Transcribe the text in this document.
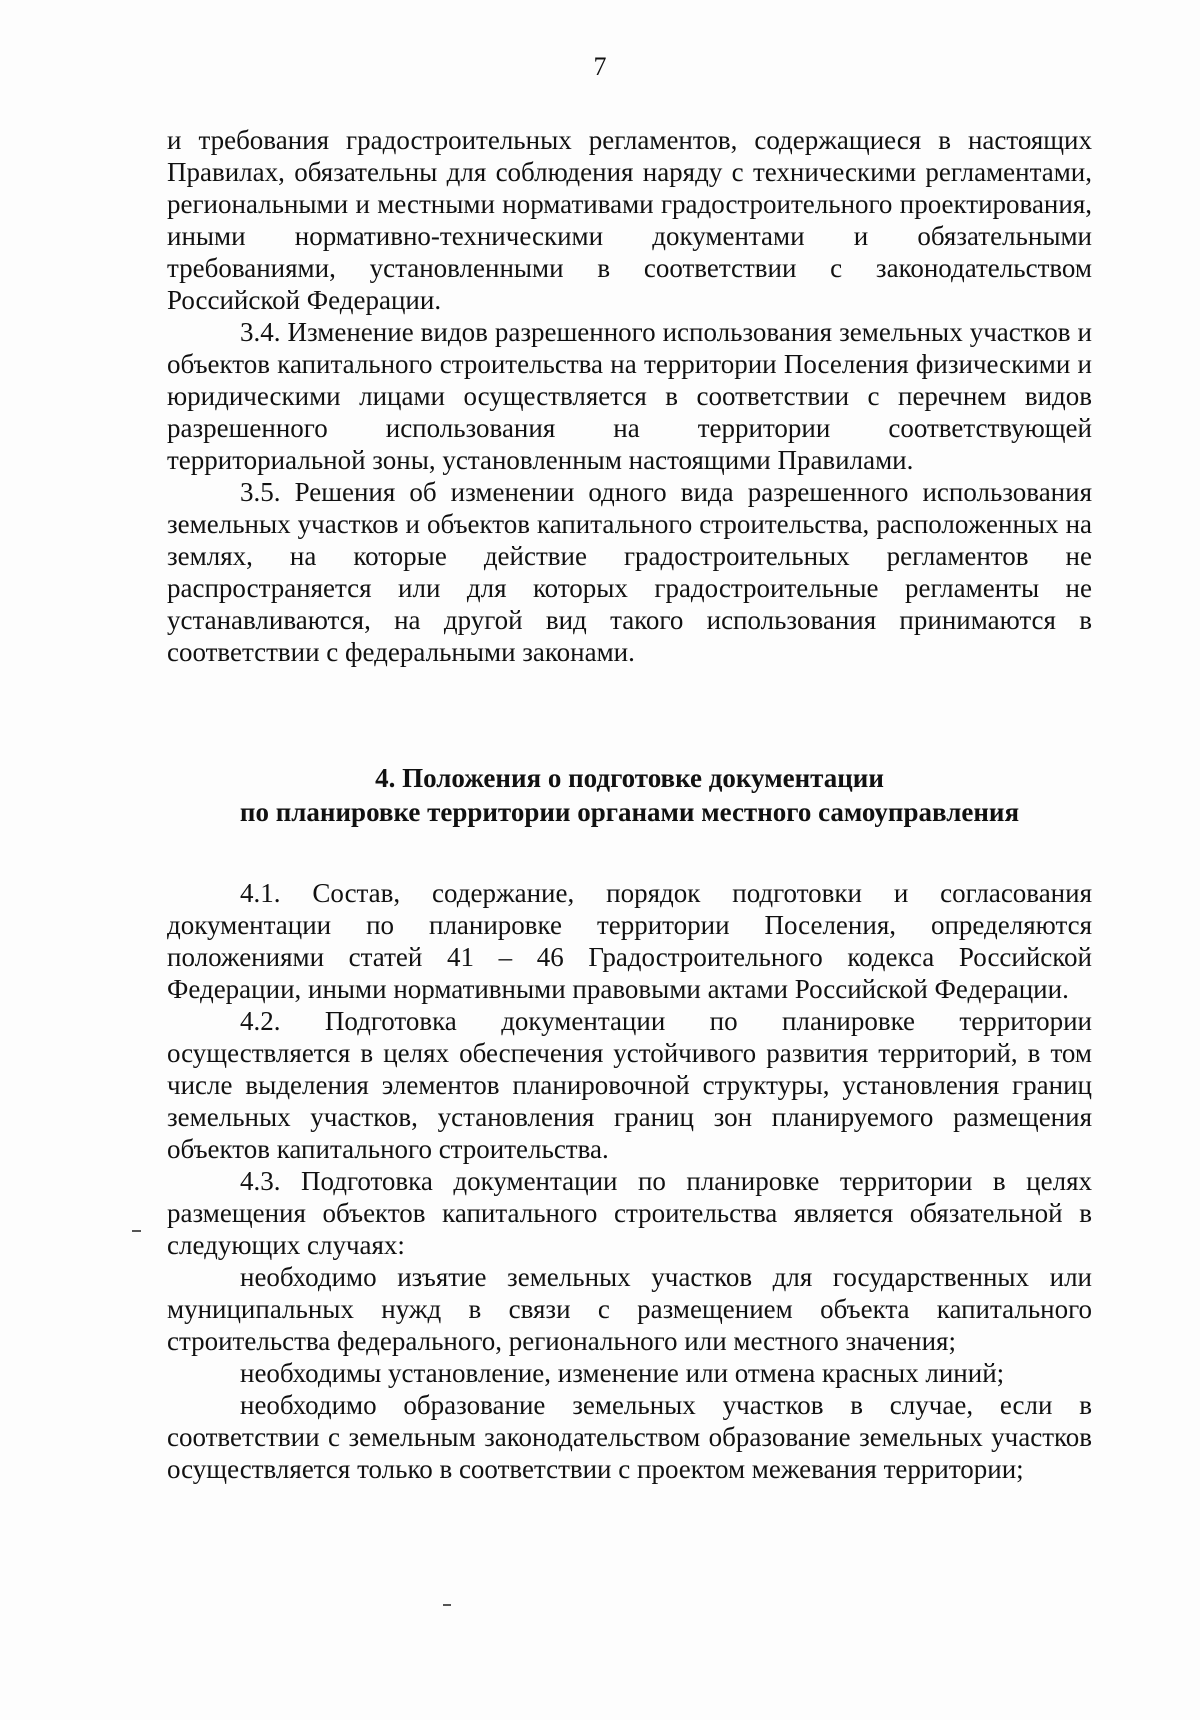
7

и требования градостроительных регламентов, содержащиеся в настоящих Правилах, обязательны для соблюдения наряду с техническими регламентами, региональными и местными нормативами градостроительного проектирования, иными нормативно-техническими документами и обязательными требованиями, установленными в соответствии с законодательством Российской Федерации.

3.4. Изменение видов разрешенного использования земельных участков и объектов капитального строительства на территории Поселения физическими и юридическими лицами осуществляется в соответствии с перечнем видов разрешенного использования на территории соответствующей территориальной зоны, установленным настоящими Правилами.

3.5. Решения об изменении одного вида разрешенного использования земельных участков и объектов капитального строительства, расположенных на землях, на которые действие градостроительных регламентов не распространяется или для которых градостроительные регламенты не устанавливаются, на другой вид такого использования принимаются в соответствии с федеральными законами.

4. Положения о подготовке документации
по планировке территории органами местного самоуправления

4.1. Состав, содержание, порядок подготовки и согласования документации по планировке территории Поселения, определяются положениями статей 41 – 46 Градостроительного кодекса Российской Федерации, иными нормативными правовыми актами Российской Федерации.

4.2. Подготовка документации по планировке территории осуществляется в целях обеспечения устойчивого развития территорий, в том числе выделения элементов планировочной структуры, установления границ земельных участков, установления границ зон планируемого размещения объектов капитального строительства.

4.3. Подготовка документации по планировке территории в целях размещения объектов капитального строительства является обязательной в следующих случаях:

необходимо изъятие земельных участков для государственных или муниципальных нужд в связи с размещением объекта капитального строительства федерального, регионального или местного значения;

необходимы установление, изменение или отмена красных линий;

необходимо образование земельных участков в случае, если в соответствии с земельным законодательством образование земельных участков осуществляется только в соответствии с проектом межевания территории;
